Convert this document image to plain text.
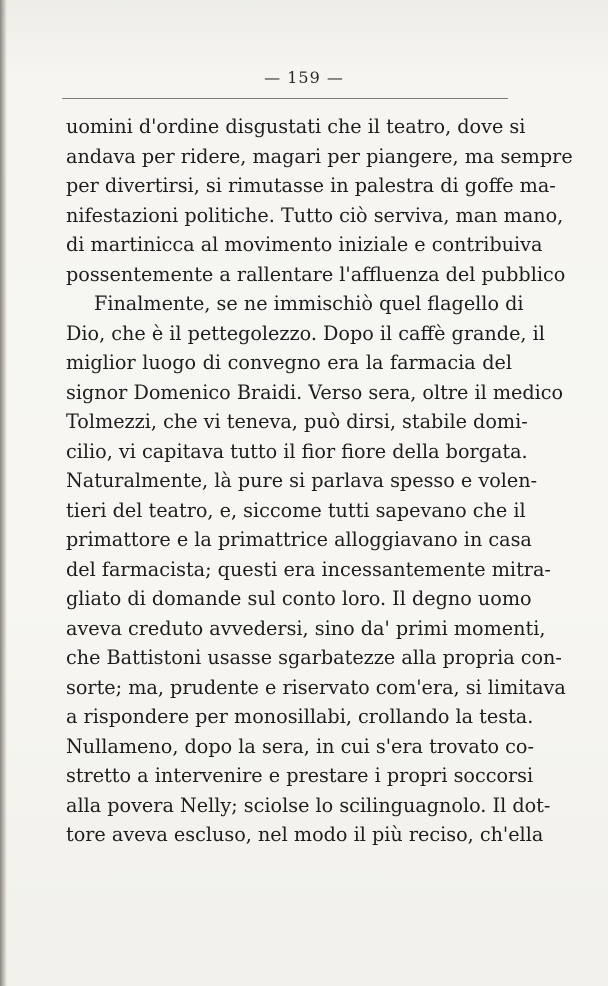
— 159 —
uomini d'ordine disgustati che il teatro, dove si
andava per ridere, magari per piangere, ma sempre
per divertirsi, si rimutasse in palestra di goffe ma-
nifestazioni politiche. Tutto ciò serviva, man mano,
di martinicca al movimento iniziale e contribuiva
possentemente a rallentare l'affluenza del pubblico
Finalmente, se ne immischiò quel flagello di
Dio, che è il pettegolezzo. Dopo il caffè grande, il
miglior luogo di convegno era la farmacia del
signor Domenico Braidi. Verso sera, oltre il medico
Tolmezzi, che vi teneva, può dirsi, stabile domi-
cilio, vi capitava tutto il fior fiore della borgata.
Naturalmente, là pure si parlava spesso e volen-
tieri del teatro, e, siccome tutti sapevano che il
primattore e la primattrice alloggiavano in casa
del farmacista; questi era incessantemente mitra-
gliato di domande sul conto loro. Il degno uomo
aveva creduto avvedersi, sino da' primi momenti,
che Battistoni usasse sgarbatezze alla propria con-
sorte; ma, prudente e riservato com'era, si limitava
a rispondere per monosillabi, crollando la testa.
Nullameno, dopo la sera, in cui s'era trovato co-
stretto a intervenire e prestare i propri soccorsi
alla povera Nelly; sciolse lo scilinguagnolo. Il dot-
tore aveva escluso, nel modo il più reciso, ch'ella
